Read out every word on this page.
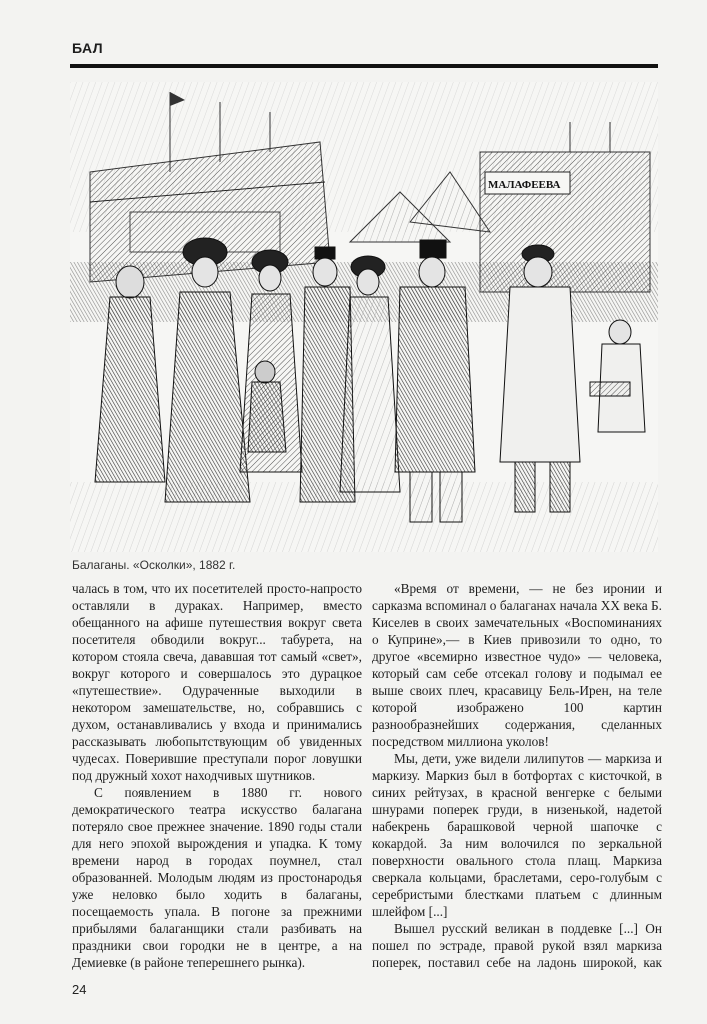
БАЛ
МАЛАФЕЕВА
Балаганы. «Осколки», 1882 г.

чалась в том, что их посетителей просто-напросто оставляли в дураках. Например, вместо обещанного на афише путешествия вокруг света посетителя обводили вокруг... табурета, на котором стояла свеча, дававшая тот самый «свет», вокруг которого и совершалось это дурацкое «путешествие». Одураченные выходили в некотором замешательстве, но, собравшись с духом, останавливались у входа и принимались рассказывать любопытствующим об увиденных чудесах. Поверившие преступали порог ловушки под дружный хохот находчивых шутников.

С появлением в 1880 гг. нового демократического театра искусство балагана потеряло свое прежнее значение. 1890 годы стали для него эпохой вырождения и упадка. К тому времени народ в городах поумнел, стал образованней. Молодым людям из простонародья уже неловко было ходить в балаганы, посещаемость упала. В погоне за прежними прибылями балаганщики стали разбивать на праздники свои городки не в центре, а на Демиевке (в районе теперешнего рынка).

«Время от времени, — не без иронии и сарказма вспоминал о балаганах начала XX века Б. Киселев в своих замечательных «Воспоминаниях о Куприне»,— в Киев привозили то одно, то другое «всемирно известное чудо» — человека, который сам себе отсекал голову и подымал ее выше своих плеч, красавицу Бель-Ирен, на теле которой изображено 100 картин разнообразнейших содержания, сделанных посредством миллиона уколов!

Мы, дети, уже видели лилипутов — маркиза и маркизу. Маркиз был в ботфортах с кисточкой, в синих рейтузах, в красной венгерке с белыми шнурами поперек груди, в низенькой, надетой набекрень барашковой черной шапочке с кокардой. За ним волочился по зеркальной поверхности овального стола плащ. Маркиза сверкала кольцами, браслетами, серо-голубым с серебристыми блестками платьем с длинным шлейфом [...]

Вышел русский великан в поддевке [...] Он пошел по эстраде, правой рукой взял маркиза поперек, поставил себе на ладонь широкой, как

24
